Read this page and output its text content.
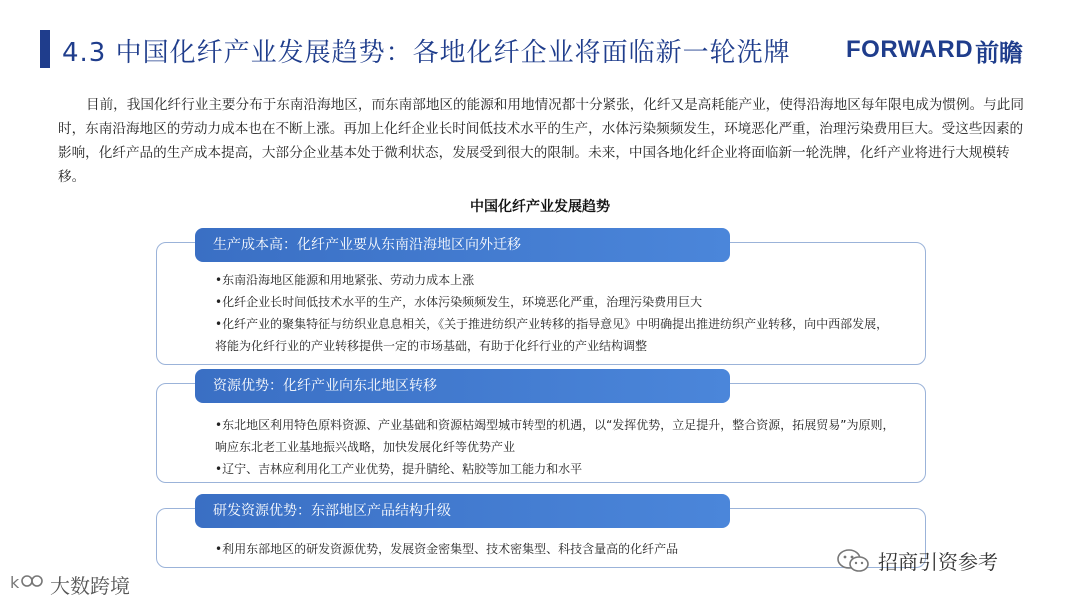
4.3 中国化纤产业发展趋势：各地化纤企业将面临新一轮洗牌 FORWARD 前瞻

目前，我国化纤行业主要分布于东南沿海地区，而东南部地区的能源和用地情况都十分紧张，化纤又是高耗能产业，使得沿海地区每年限电成为惯例。与此同时，东南沿海地区的劳动力成本也在不断上涨。再加上化纤企业长时间低技术水平的生产，水体污染频频发生，环境恶化严重，治理污染费用巨大。受这些因素的影响，化纤产品的生产成本提高，大部分企业基本处于微利状态，发展受到很大的限制。未来，中国各地化纤企业将面临新一轮洗牌，化纤产业将进行大规模转移。

中国化纤产业发展趋势
生产成本高：化纤产业要从东南沿海地区向外迁移
•东南沿海地区能源和用地紧张、劳动力成本上涨
•化纤企业长时间低技术水平的生产，水体污染频频发生，环境恶化严重，治理污染费用巨大
•化纤产业的聚集特征与纺织业息息相关，《关于推进纺织产业转移的指导意见》中明确提出推进纺织产业转移，向中西部发展，将能为化纤行业的产业转移提供一定的市场基础，有助于化纤行业的产业结构调整
资源优势：化纤产业向东北地区转移
•东北地区利用特色原料资源、产业基础和资源枯竭型城市转型的机遇，以“发挥优势，立足提升，整合资源，拓展贸易”为原则，响应东北老工业基地振兴战略，加快发展化纤等优势产业
•辽宁、吉林应利用化工产业优势，提升腈纶、粘胶等加工能力和水平
研发资源优势：东部地区产品结构升级
•利用东部地区的研发资源优势，发展资金密集型、技术密集型、科技含量高的化纤产品
k 大数跨境
招商引资参考
